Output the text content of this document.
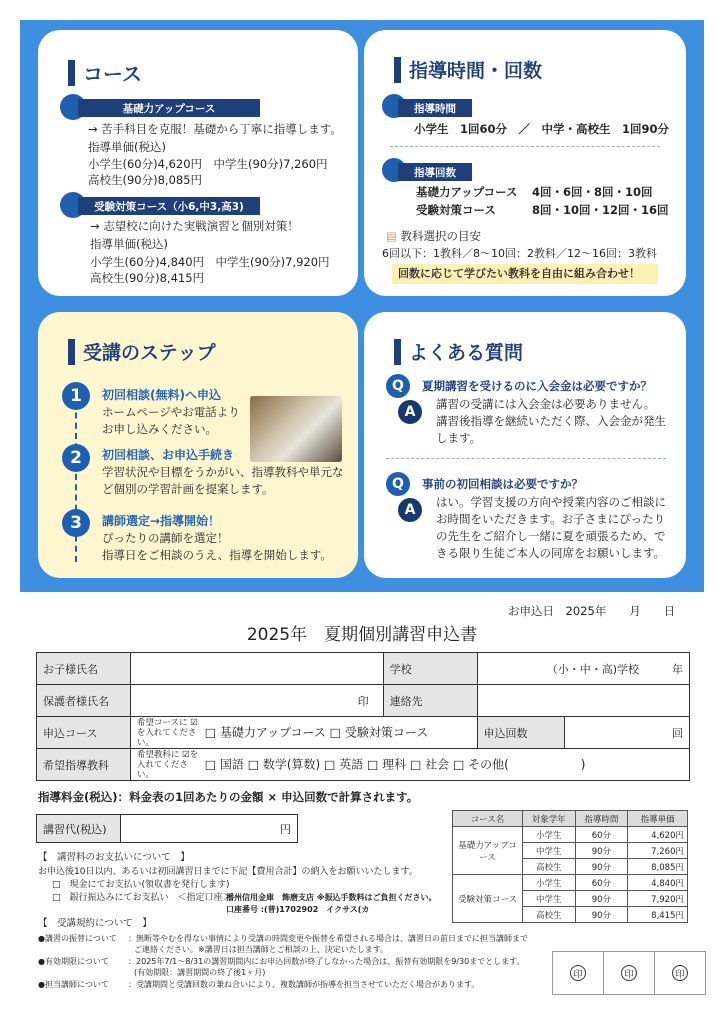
コース
基礎力アップコース
→ 苦手科目を克服！基礎から丁寧に指導します。
指導単価(税込)
小学生(60分)4,620円　中学生(90分)7,260円
高校生(90分)8,085円
受験対策コース（小6,中3,高3)
→ 志望校に向けた実戦演習と個別対策！
指導単価(税込)
小学生(60分)4,840円　中学生(90分)7,920円
高校生(90分)8,415円
指導時間・回数
指導時間
小学生　1回60分　／　中学・高校生　1回90分
指導回数
基礎力アップコース 4回・6回・8回・10回
受験対策コース	8回・10回・12回・16回
▤ 教科選択の目安
6回以下：1教科／8〜10回：2教科／12〜16回：3教科
回数に応じて学びたい教科を自由に組み合わせ！
受講のステップ
1	初回相談(無料)へ申込
ホームページやお電話より
お申し込みください。
2	初回相談、お申込手続き
学習状況や目標をうかがい、指導教科や単元な
ど個別の学習計画を提案します。
3	講師選定→指導開始！
ぴったりの講師を選定！
指導日をご相談のうえ、指導を開始します。
よくある質問
Q
A
夏期講習を受けるのに入会金は必要ですか？
講習の受講には入会金は必要ありません。
講習後指導を継続いただく際、入会金が発生
します。
Q
A
事前の初回相談は必要ですか？
はい。学習支援の方向や授業内容のご相談に
お時間をいただきます。お子さまにぴったり
の先生をご紹介し一緒に夏を頑張るため、で
きる限り生徒ご本人の同席をお願いします。
お申込日　2025年　　月　　日
2025年　夏期個別講習申込書
お子様氏名		学校	（小・中・高)学校　　　年	
保護者様氏名	印	連絡先		
申込コース	希望コースに ☑を入れてください。 □ 基礎力アップコース □ 受験対策コース		申込回数	回
希望指導教科	希望教科に ☑を入れてください。 □ 国語 □ 数学(算数) □ 英語 □ 理科 □ 社会 □ その他(　　　　　　)			
指導料金(税込)：料金表の1回あたりの金額 × 申込回数で計算されます。
講習代(税込)	円
コース名	対象学年	指導時間	指導単価
基礎力アップコース	小学生	60分	4,620円
	中学生	90分	7,260円
	高校生	90分	8,085円
受験対策コース	小学生	60分	4,840円
	中学生	90分	7,920円
	高校生	90分	8,415円
【　講習料のお支払いについて　】
お申込後10日以内、あるいは初回講習日までに下記【費用合計】の納入をお願いいたします。
□　現金にてお支払い(領収書を発行します)
□　銀行振込みにてお支払い　＜指定口座＞
播州信用金庫　飾磨支店 ※振込手数料はご負担ください。
口座番号 :(普)1702902　イクサス(カ
【　受講規約について　】
●講習の振替について ：無断等やむを得ない事情により受講の時間変更や振替を希望される場合は、講習日の前日までに担当講師まで
ご連絡ください。※講習日は担当講師とご相談の上、決定いたします。
●有効期限について ：2025年7/1〜8/31の講習期間内にお申込回数が終了しなかった場合は、振替有効期限を9/30までとします。
(有効期限：講習期間の終了後1ヶ月)
●担当講師について ：受講期間と受講回数の兼ね合いにより、複数講師が指導を担当させていただく場合があります。
印	印	印
